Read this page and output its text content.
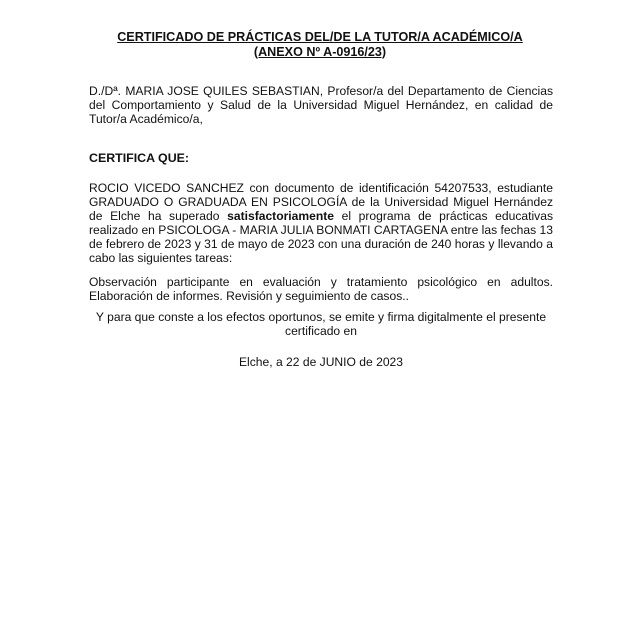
CERTIFICADO DE PRÁCTICAS DEL/DE LA TUTOR/A ACADÉMICO/A
(ANEXO Nº A-0916/23)
D./Dª. MARIA JOSE QUILES SEBASTIAN, Profesor/a del Departamento de Ciencias del Comportamiento y Salud de la Universidad Miguel Hernández, en calidad de Tutor/a Académico/a,
CERTIFICA QUE:
ROCIO VICEDO SANCHEZ con documento de identificación 54207533, estudiante GRADUADO O GRADUADA EN PSICOLOGÍA de la Universidad Miguel Hernández de Elche ha superado satisfactoriamente el programa de prácticas educativas realizado en PSICOLOGA - MARIA JULIA BONMATI CARTAGENA entre las fechas 13 de febrero de 2023 y 31 de mayo de 2023 con una duración de 240 horas y llevando a cabo las siguientes tareas:
Observación participante en evaluación y tratamiento psicológico en adultos. Elaboración de informes. Revisión y seguimiento de casos..
Y para que conste a los efectos oportunos, se emite y firma digitalmente el presente
certificado en
Elche, a 22 de JUNIO de 2023
